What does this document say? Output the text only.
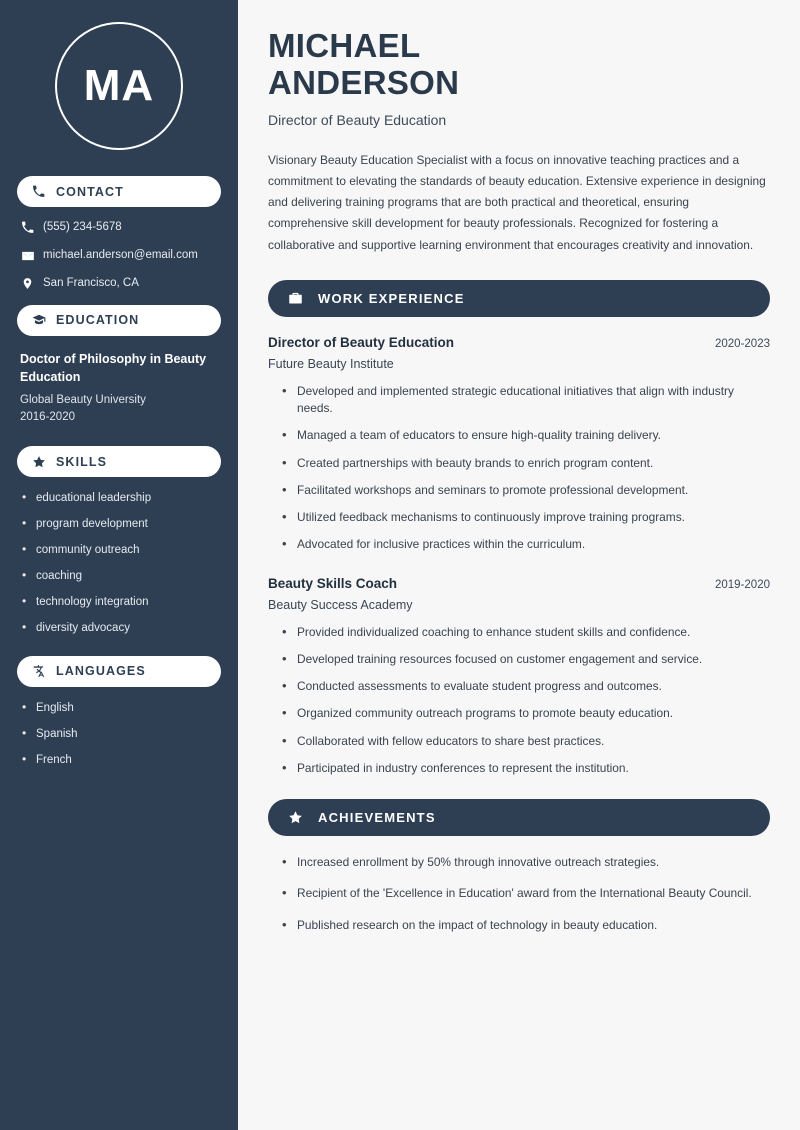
MA
CONTACT
(555) 234-5678
michael.anderson@email.com
San Francisco, CA
EDUCATION
Doctor of Philosophy in Beauty Education
Global Beauty University
2016-2020
SKILLS
• educational leadership
• program development
• community outreach
• coaching
• technology integration
• diversity advocacy
LANGUAGES
• English
• Spanish
• French
MICHAEL
ANDERSON
Director of Beauty Education

Visionary Beauty Education Specialist with a focus on innovative teaching practices and a commitment to elevating the standards of beauty education. Extensive experience in designing and delivering training programs that are both practical and theoretical, ensuring comprehensive skill development for beauty professionals. Recognized for fostering a collaborative and supportive learning environment that encourages creativity and innovation.

WORK EXPERIENCE
Director of Beauty Education	2020-2023
Future Beauty Institute
• Developed and implemented strategic educational initiatives that align with industry needs.
• Managed a team of educators to ensure high-quality training delivery.
• Created partnerships with beauty brands to enrich program content.
• Facilitated workshops and seminars to promote professional development.
• Utilized feedback mechanisms to continuously improve training programs.
• Advocated for inclusive practices within the curriculum.
Beauty Skills Coach	2019-2020
Beauty Success Academy
• Provided individualized coaching to enhance student skills and confidence.
• Developed training resources focused on customer engagement and service.
• Conducted assessments to evaluate student progress and outcomes.
• Organized community outreach programs to promote beauty education.
• Collaborated with fellow educators to share best practices.
• Participated in industry conferences to represent the institution.
ACHIEVEMENTS
• Increased enrollment by 50% through innovative outreach strategies.
• Recipient of the 'Excellence in Education' award from the International Beauty Council.
• Published research on the impact of technology in beauty education.
